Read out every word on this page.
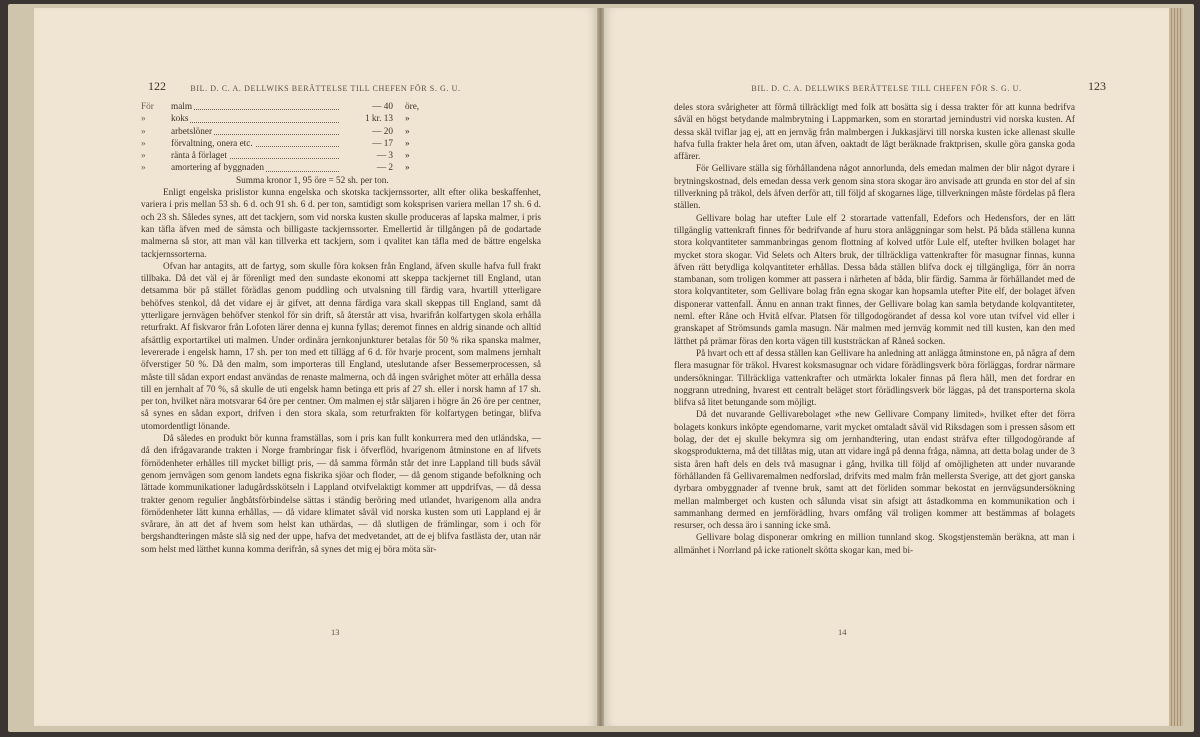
122	BIL. D. C. A. DELLWIKS BERÄTTELSE TILL CHEFEN FÖR S. G. U.
För malm	— 40	öre,
»	koks	1 kr. 13	»
»	arbetslöner	— 20	»
»	förvaltning, onera etc.	— 17	»
»	ränta å förlaget	— 3	»
»	amortering af byggnaden	— 2	»
Summa kronor 1, 95 öre = 52 sh. per ton.

Enligt engelska prislistor kunna engelska och skotska tackjernssorter, allt efter olika beskaffenhet, variera i pris mellan 53 sh. 6 d. och 91 sh. 6 d. per ton, samtidigt som koksprisen variera mellan 17 sh. 6 d. och 23 sh. Således synes, att det tackjern, som vid norska kusten skulle produceras af lapska malmer, i pris kan täfla äfven med de sämsta och billigaste tackjernssorter. Emellertid är tillgången på de godartade malmerna så stor, att man väl kan tillverka ett tackjern, som i qvalitet kan täfla med de bättre engelska tackjernssorterna.

Ofvan har antagits, att de fartyg, som skulle föra koksen från England, äfven skulle hafva full frakt tillbaka. Då det väl ej är förenligt med den sundaste ekonomi att skeppa tackjernet till England, utan detsamma bör på stället förädlas genom puddling och utvalsning till färdig vara, hvartill ytterligare behöfves stenkol, då det vidare ej är gifvet, att denna färdiga vara skall skeppas till England, samt då ytterligare jernvägen behöfver stenkol för sin drift, så återstår att visa, hvarifrån kolfartygen skola erhålla returfrakt. Af fiskvaror från Lofoten lärer denna ej kunna fyllas; deremot finnes en aldrig sinande och alltid afsättlig exportartikel uti malmen. Under ordinära jernkonjunkturer betalas för 50 % rika spanska malmer, levererade i engelsk hamn, 17 sh. per ton med ett tillägg af 6 d. för hvarje procent, som malmens jernhalt öfverstiger 50 %. Då den malm, som importeras till England, uteslutande afser Bessemerprocessen, så måste till sådan export endast användas de renaste malmerna, och då ingen svårighet möter att erhålla dessa till en jernhalt af 70 %, så skulle de uti engelsk hamn betinga ett pris af 27 sh. eller i norsk hamn af 17 sh. per ton, hvilket nära motsvarar 64 öre per centner. Om malmen ej står säljaren i högre än 26 öre per centner, så synes en sådan export, drifven i den stora skala, som returfrakten för kolfartygen betingar, blifva utomordentligt lönande.

Då således en produkt bör kunna framställas, som i pris kan fullt konkurrera med den utländska, — då den ifrågavarande trakten i Norge frambringar fisk i öfverflöd, hvarigenom åtminstone en af lifvets förnödenheter erhålles till mycket billigt pris, — då samma förmån står det inre Lappland till buds såväl genom jernvägen som genom landets egna fiskrika sjöar och floder, — då genom stigande befolkning och lättade kommunikationer ladugårdsskötseln i Lappland otvifvelaktigt kommer att uppdrifvas, — då dessa trakter genom regulier ångbåtsförbindelse sättas i ständig beröring med utlandet, hvarigenom alla andra förnödenheter lätt kunna erhållas, — då vidare klimatet såväl vid norska kusten som uti Lappland ej är svårare, än att det af hvem som helst kan uthärdas, — då slutligen de främlingar, som i och för bergshandteringen måste slå sig ned der uppe, hafva det medvetandet, att de ej blifva fastlästa der, utan när som helst med lätthet kunna komma derifrån, så synes det mig ej böra möta sär-

13
BIL. D. C. A. DELLWIKS BERÄTTELSE TILL CHEFEN FÖR S. G. U.	123

deles stora svårigheter att förmå tillräckligt med folk att bosätta sig i dessa trakter för att kunna bedrifva såväl en högst betydande malmbrytning i Lappmarken, som en storartad jernindustri vid norska kusten. Af dessa skäl tviflar jag ej, att en jernväg från malmbergen i Jukkasjärvi till norska kusten icke allenast skulle hafva fulla frakter hela året om, utan äfven, oaktadt de lågt beräknade fraktprisen, skulle göra ganska goda affärer.

För Gellivare ställa sig förhållandena något annorlunda, dels emedan malmen der blir något dyrare i brytningskostnad, dels emedan dessa verk genom sina stora skogar äro anvisade att grunda en stor del af sin tillverkning på träkol, dels äfven derför att, till följd af skogarnes läge, tillverkningen måste fördelas på flera ställen.

Gellivare bolag har utefter Lule elf 2 storartade vattenfall, Edefors och Hedensfors, der en lätt tillgänglig vattenkraft finnes för bedrifvande af huru stora anläggningar som helst. På båda ställena kunna stora kolqvantiteter sammanbringas genom flottning af kolved utför Lule elf, utefter hvilken bolaget har mycket stora skogar. Vid Selets och Alters bruk, der tillräckliga vattenkrafter för masugnar finnas, kunna äfven rätt betydliga kolqvantiteter erhållas. Dessa båda ställen blifva dock ej tillgängliga, förr än norra stambanan, som troligen kommer att passera i närheten af båda, blir färdig. Samma är förhållandet med de stora kolqvantiteter, som Gellivare bolag från egna skogar kan hopsamla utefter Pite elf, der bolaget äfven disponerar vattenfall. Ännu en annan trakt finnes, der Gellivare bolag kan samla betydande kolqvantiteter, neml. efter Råne och Hvitå elfvar. Platsen för tillgodogörandet af dessa kol vore utan tvifvel vid eller i granskapet af Strömsunds gamla masugn. När malmen med jernväg kommit ned till kusten, kan den med lätthet på prämar föras den korta vägen till kuststräckan af Råneå socken.

På hvart och ett af dessa ställen kan Gellivare ha anledning att anlägga åtminstone en, på några af dem flera masugnar för träkol. Hvarest koksmasugnar och vidare förädlingsverk böra förläggas, fordrar närmare undersökningar. Tillräckliga vattenkrafter och utmärkta lokaler finnas på flera håll, men det fordrar en noggrann utredning, hvarest ett centralt beläget stort förädlingsverk bör läggas, på det transporterna skola blifva så litet betungande som möjligt.

Då det nuvarande Gellivarebolaget »the new Gellivare Company limited», hvilket efter det förra bolagets konkurs inköpte egendomarne, varit mycket omtaladt såväl vid Riksdagen som i pressen såsom ett bolag, der det ej skulle bekymra sig om jernhandtering, utan endast sträfva efter tillgodogörande af skogsprodukterna, må det tillåtas mig, utan att vidare ingå på denna fråga, nämna, att detta bolag under de 3 sista åren haft dels en dels två masugnar i gång, hvilka till följd af omöjligheten att under nuvarande förhållanden få Gellivaremalmen nedforslad, drifvits med malm från mellersta Sverige, att det gjort ganska dyrbara ombyggnader af tvenne bruk, samt att det förliden sommar bekostat en jernvägsundersökning mellan malmberget och kusten och sålunda visat sin afsigt att åstadkomma en kommunikation och i sammanhang dermed en jernförädling, hvars omfång väl troligen kommer att bestämmas af bolagets resurser, och dessa äro i sanning icke små.

Gellivare bolag disponerar omkring en million tunnland skog. Skogstjenstemän beräkna, att man i allmänhet i Norrland på icke rationelt skötta skogar kan, med bi-

14
